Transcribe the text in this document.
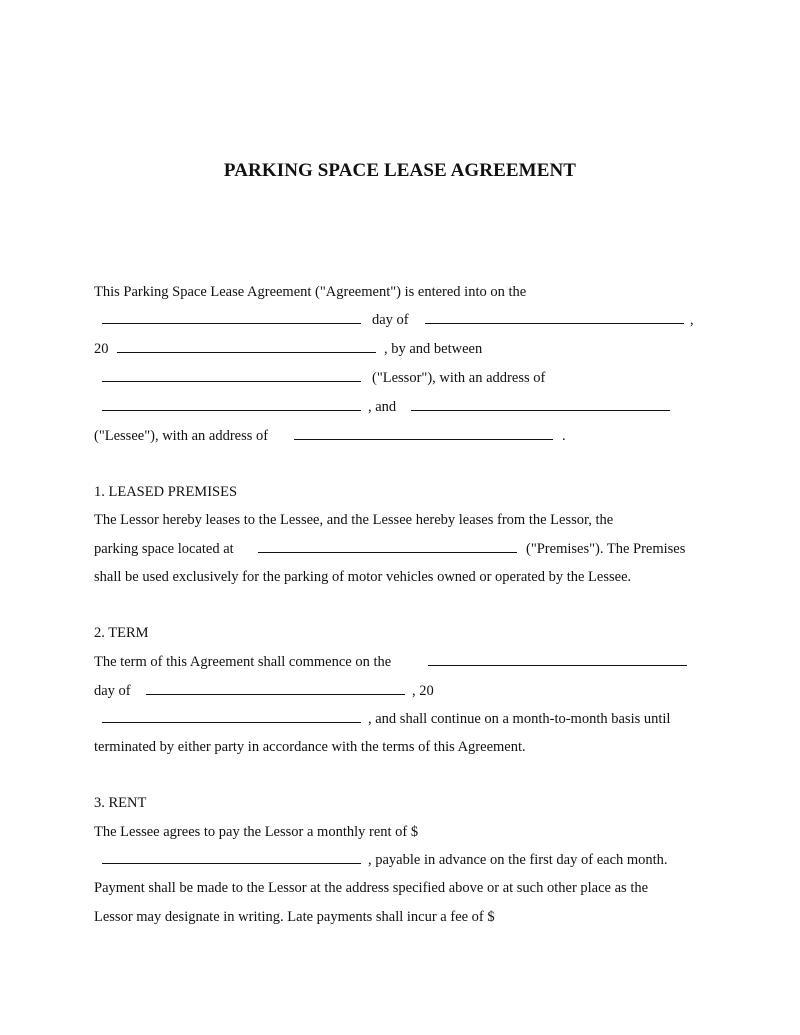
PARKING SPACE LEASE AGREEMENT
This Parking Space Lease Agreement ("Agreement") is entered into on the
day of	,
20	, by and between
("Lessor"), with an address of
, and
("Lessee"), with an address of	.
1. LEASED PREMISES
The Lessor hereby leases to the Lessee, and the Lessee hereby leases from the Lessor, the
parking space located at	("Premises"). The Premises
shall be used exclusively for the parking of motor vehicles owned or operated by the Lessee.
2. TERM
The term of this Agreement shall commence on the
day of	, 20
, and shall continue on a month-to-month basis until
terminated by either party in accordance with the terms of this Agreement.
3. RENT
The Lessee agrees to pay the Lessor a monthly rent of $
, payable in advance on the first day of each month.
Payment shall be made to the Lessor at the address specified above or at such other place as the
Lessor may designate in writing. Late payments shall incur a fee of $
